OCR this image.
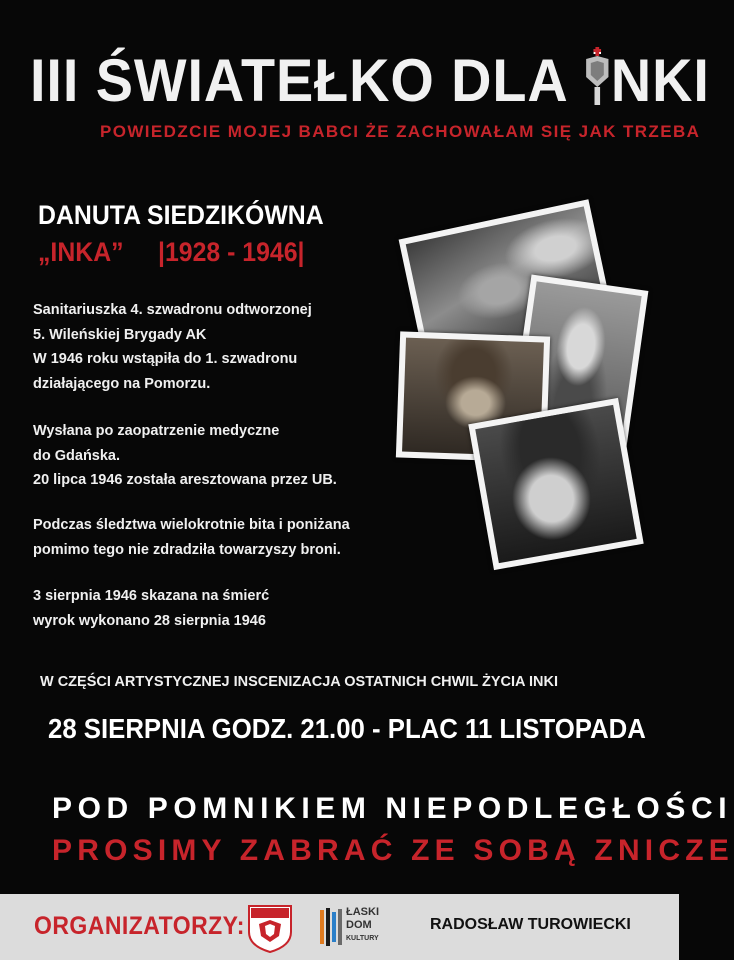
III ŚWIATEŁKO DLA NKI
POWIEDZCIE MOJEJ BABCI ŻE ZACHOWAŁAM SIĘ JAK TRZEBA
DANUTA SIEDZIKÓWNA
„INKA” |1928 - 1946|
Sanitariuszka 4. szwadronu odtworzonej
5. Wileńskiej Brygady AK
W 1946 roku wstąpiła do 1. szwadronu
działającego na Pomorzu.
Wysłana po zaopatrzenie medyczne
do Gdańska.
20 lipca 1946 została aresztowana przez UB.
Podczas śledztwa wielokrotnie bita i poniżana
pomimo tego nie zdradziła towarzyszy broni.
3 sierpnia 1946 skazana na śmierć
wyrok wykonano 28 sierpnia 1946
W CZĘŚCI ARTYSTYCZNEJ INSCENIZACJA OSTATNICH CHWIL ŻYCIA INKI
28 SIERPNIA GODZ. 21.00 - PLAC 11 LISTOPADA
POD POMNIKIEM NIEPODLEGŁOŚCI
PROSIMY ZABRAĆ ZE SOBĄ ZNICZE
ORGANIZATORZY:	ŁASKI
DOM
KULTURY
RADOSŁAW TUROWIECKI
